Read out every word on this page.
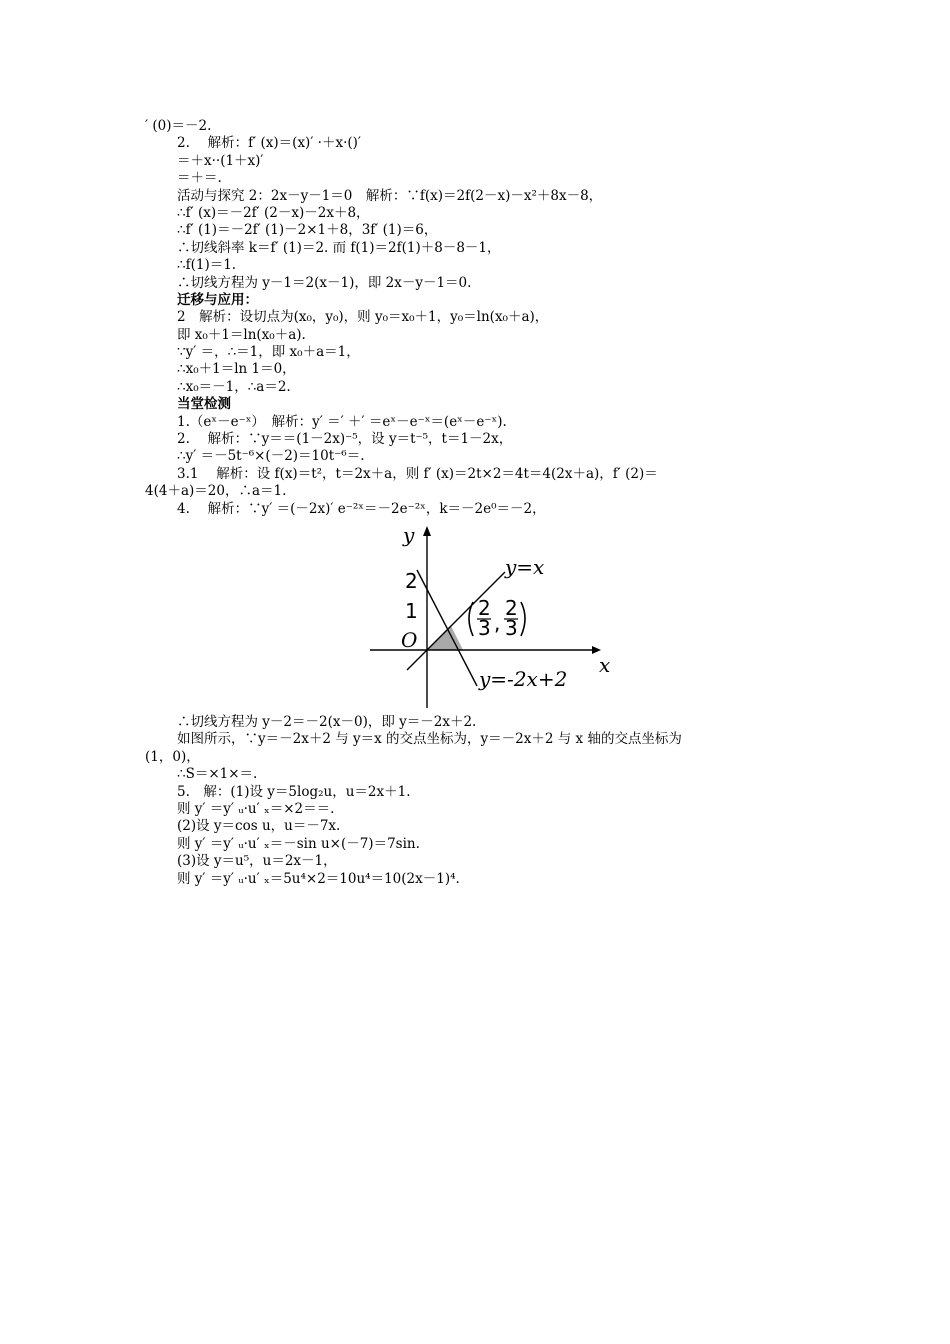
′ (0)＝－2.
2.　 解析：f′ (x)＝(x)′ ·＋x·()′
＝＋x··(1＋x)′
＝＋＝.
活动与探究 2：2x－y－1＝0　解析：∵f(x)＝2f(2－x)－x²＋8x－8，
∴f′ (x)＝－2f′ (2－x)－2x＋8，
∴f′ (1)＝－2f′ (1)－2×1＋8，3f′ (1)＝6，
∴切线斜率 k＝f′ (1)＝2. 而 f(1)＝2f(1)＋8－8－1，
∴f(1)＝1.
∴切线方程为 y－1＝2(x－1)，即 2x－y－1＝0.
迁移与应用：
2　解析：设切点为(x₀，y₀)，则 y₀＝x₀＋1，y₀＝ln(x₀＋a)，
即 x₀＋1＝ln(x₀＋a).
∵y′ ＝，∴＝1，即 x₀＋a＝1，
∴x₀＋1＝ln 1＝0，
∴x₀＝－1，∴a＝2.
当堂检测
1.（eˣ－e⁻ˣ）　解析：y′ ＝′ ＋′ ＝eˣ－e⁻ˣ＝(eˣ－e⁻ˣ).
2.　 解析：∵y＝＝(1－2x)⁻⁵，设 y＝t⁻⁵，t＝1－2x，
∴y′ ＝－5t⁻⁶×(－2)＝10t⁻⁶＝.
3.1　 解析：设 f(x)＝t²，t＝2x＋a，则 f′ (x)＝2t×2＝4t＝4(2x＋a)，f′ (2)＝
4(4＋a)＝20，∴a＝1.
4.　 解析：∵y′ ＝(－2x)′ e⁻²ˣ＝－2e⁻²ˣ，k＝－2e⁰＝－2，
y
x
O
2
1
y=x
y=-2x+2
2
3 ,
2
3
∴切线方程为 y－2＝－2(x－0)，即 y＝－2x＋2.
如图所示，∵y＝－2x＋2 与 y＝x 的交点坐标为，y＝－2x＋2 与 x 轴的交点坐标为
(1，0)，
∴S＝×1×＝.
5.　解：(1)设 y＝5log₂u，u＝2x＋1.
则 y′ ＝y′ ᵤ·u′ ₓ＝×2＝＝.
(2)设 y＝cos u，u＝－7x.
则 y′ ＝y′ ᵤ·u′ ₓ＝－sin u×(－7)＝7sin.
(3)设 y＝u⁵，u＝2x－1，
则 y′ ＝y′ ᵤ·u′ ₓ＝5u⁴×2＝10u⁴＝10(2x－1)⁴.
